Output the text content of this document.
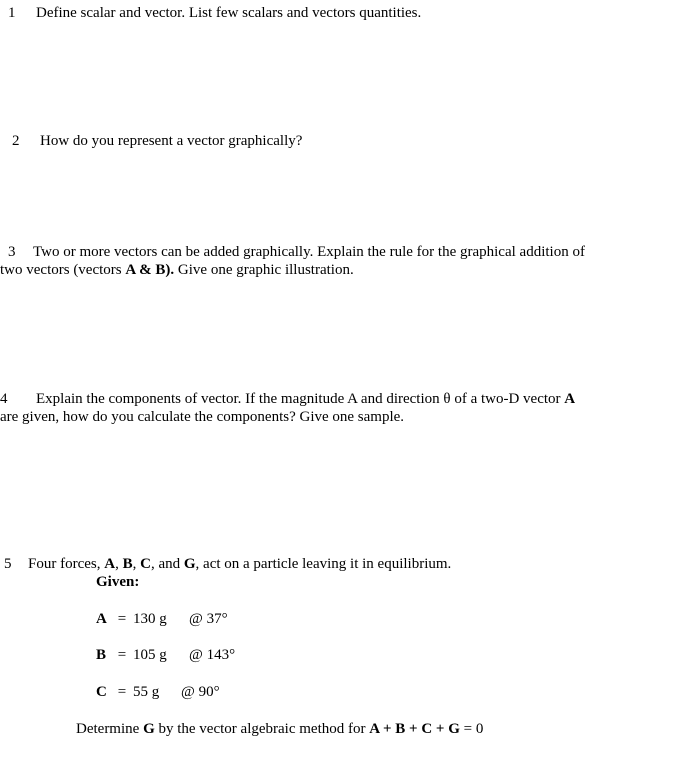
1 Define scalar and vector. List few scalars and vectors quantities.
2 How do you represent a vector graphically?
3 Two or more vectors can be added graphically. Explain the rule for the graphical addition of
two vectors (vectors A & B). Give one graphic illustration.
4 Explain the components of vector. If the magnitude A and direction θ of a two-D vector A
are given, how do you calculate the components? Give one sample.
5 Four forces, A, B, C, and G, act on a particle leaving it in equilibrium.
Given:
A = 130 g @ 37°
B = 105 g @ 143°
C = 55 g @ 90°
Determine G by the vector algebraic method for A + B + C + G = 0
